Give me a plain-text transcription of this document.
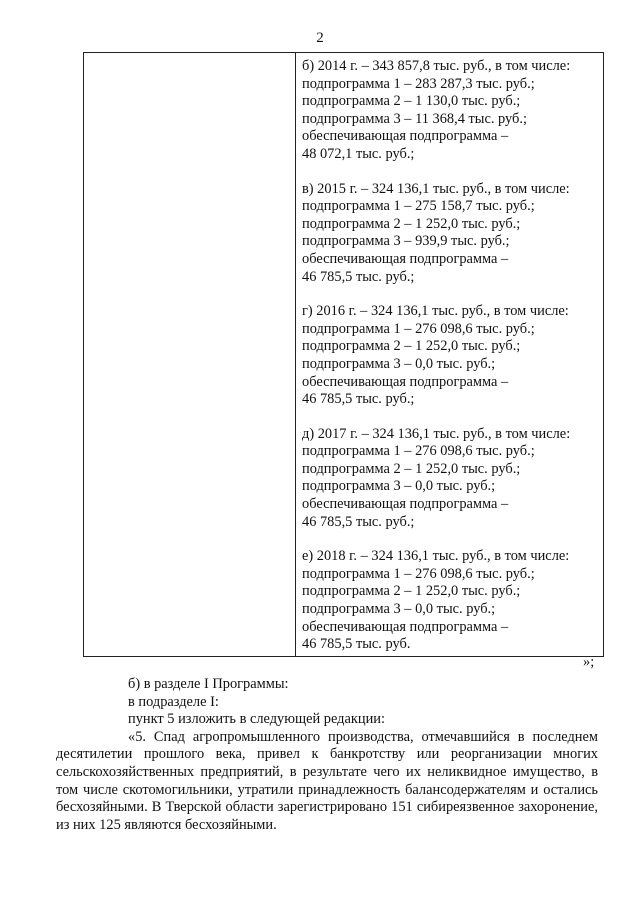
2
б) 2014 г. – 343 857,8 тыс. руб., в том числе:
подпрограмма 1 – 283 287,3 тыс. руб.;
подпрограмма 2 – 1 130,0 тыс. руб.;
подпрограмма 3 – 11 368,4 тыс. руб.;
обеспечивающая подпрограмма –
48 072,1 тыс. руб.;
в) 2015 г. – 324 136,1 тыс. руб., в том числе:
подпрограмма 1 – 275 158,7 тыс. руб.;
подпрограмма 2 – 1 252,0 тыс. руб.;
подпрограмма 3 – 939,9 тыс. руб.;
обеспечивающая подпрограмма –
46 785,5 тыс. руб.;
г) 2016 г. – 324 136,1 тыс. руб., в том числе:
подпрограмма 1 – 276 098,6 тыс. руб.;
подпрограмма 2 – 1 252,0 тыс. руб.;
подпрограмма 3 – 0,0 тыс. руб.;
обеспечивающая подпрограмма –
46 785,5 тыс. руб.;
д) 2017 г. – 324 136,1 тыс. руб., в том числе:
подпрограмма 1 – 276 098,6 тыс. руб.;
подпрограмма 2 – 1 252,0 тыс. руб.;
подпрограмма 3 – 0,0 тыс. руб.;
обеспечивающая подпрограмма –
46 785,5 тыс. руб.;
е) 2018 г. – 324 136,1 тыс. руб., в том числе:
подпрограмма 1 – 276 098,6 тыс. руб.;
подпрограмма 2 – 1 252,0 тыс. руб.;
подпрограмма 3 – 0,0 тыс. руб.;
обеспечивающая подпрограмма –
46 785,5 тыс. руб.
»;
б) в разделе I Программы:
в подразделе I:
пункт 5 изложить в следующей редакции:
«5. Спад агропромышленного производства, отмечавшийся в последнем десятилетии прошлого века, привел к банкротству или реорганизации многих сельскохозяйственных предприятий, в результате чего их неликвидное имущество, в том числе скотомогильники, утратили принадлежность балансодержателям и остались бесхозяйными. В Тверской области зарегистрировано 151 сибиреязвенное захоронение, из них 125 являются бесхозяйными.
